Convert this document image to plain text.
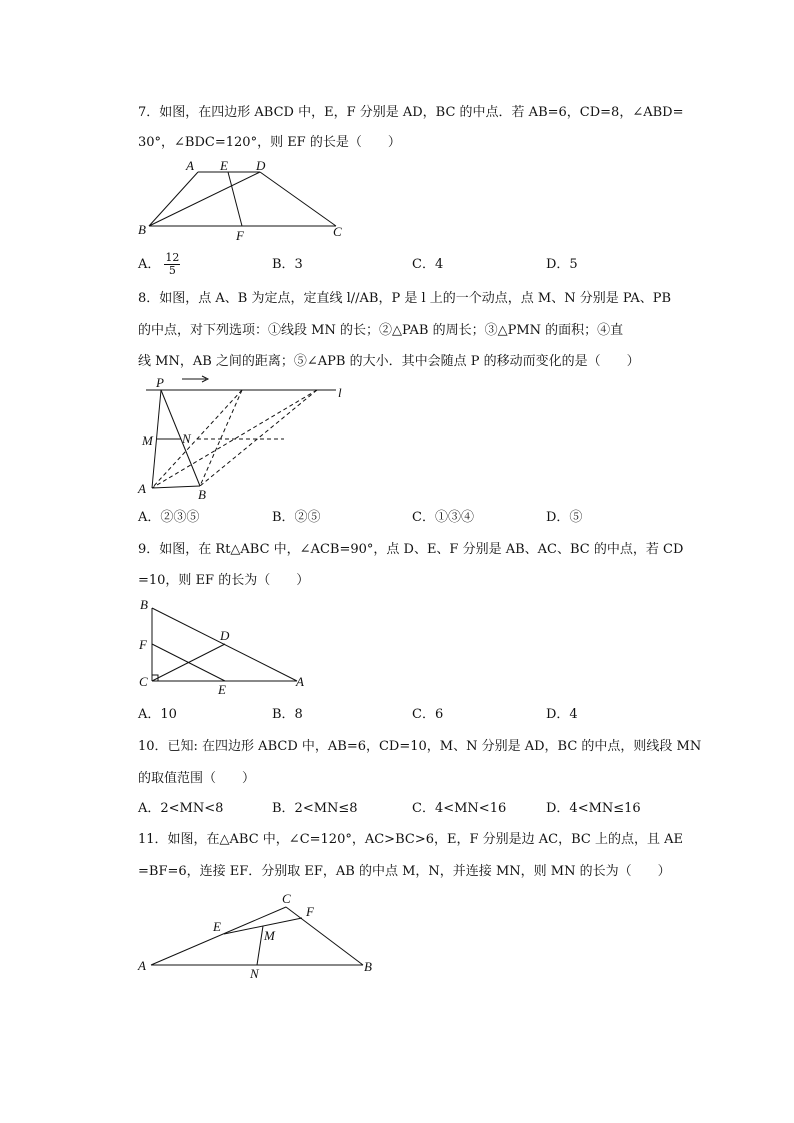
7．如图，在四边形 ABCD 中，E，F 分别是 AD，BC 的中点．若 AB=6，CD=8，∠ABD=
30°，∠BDC=120°，则 EF 的长是（　　）
A E D
B	F	C
A． $\frac{12}{5}$	B．3	C．4	D．5
8．如图，点 A、B 为定点，定直线 l//AB，P 是 l 上的一个动点，点 M、N 分别是 PA、PB
的中点，对下列选项：①线段 MN 的长；②△PAB 的周长；③△PMN 的面积；④直
线 MN，AB 之间的距离；⑤∠APB 的大小．其中会随点 P 的移动而变化的是（　　）
P
l
M N
A	B
A．②③⑤	B．②⑤	C．①③④	D．⑤
9．如图，在 Rt△ABC 中，∠ACB=90°，点 D、E、F 分别是 AB、AC、BC 的中点，若 CD
=10，则 EF 的长为（　　）
B
D
F
C
E
A
A．10	B．8	C．6	D．4
10．已知: 在四边形 ABCD 中，AB=6，CD=10，M、N 分别是 AD，BC 的中点，则线段 MN
的取值范围（　　）
A．2<MN<8	B．2<MN≤8	C．4<MN<16	D．4<MN≤16
11．如图，在△ABC 中，∠C=120°，AC>BC>6，E，F 分别是边 AC，BC 上的点，且 AE
=BF=6，连接 EF．分别取 EF，AB 的中点 M，N，并连接 MN，则 MN 的长为（　　）
C
F
E
M
A
N	B
